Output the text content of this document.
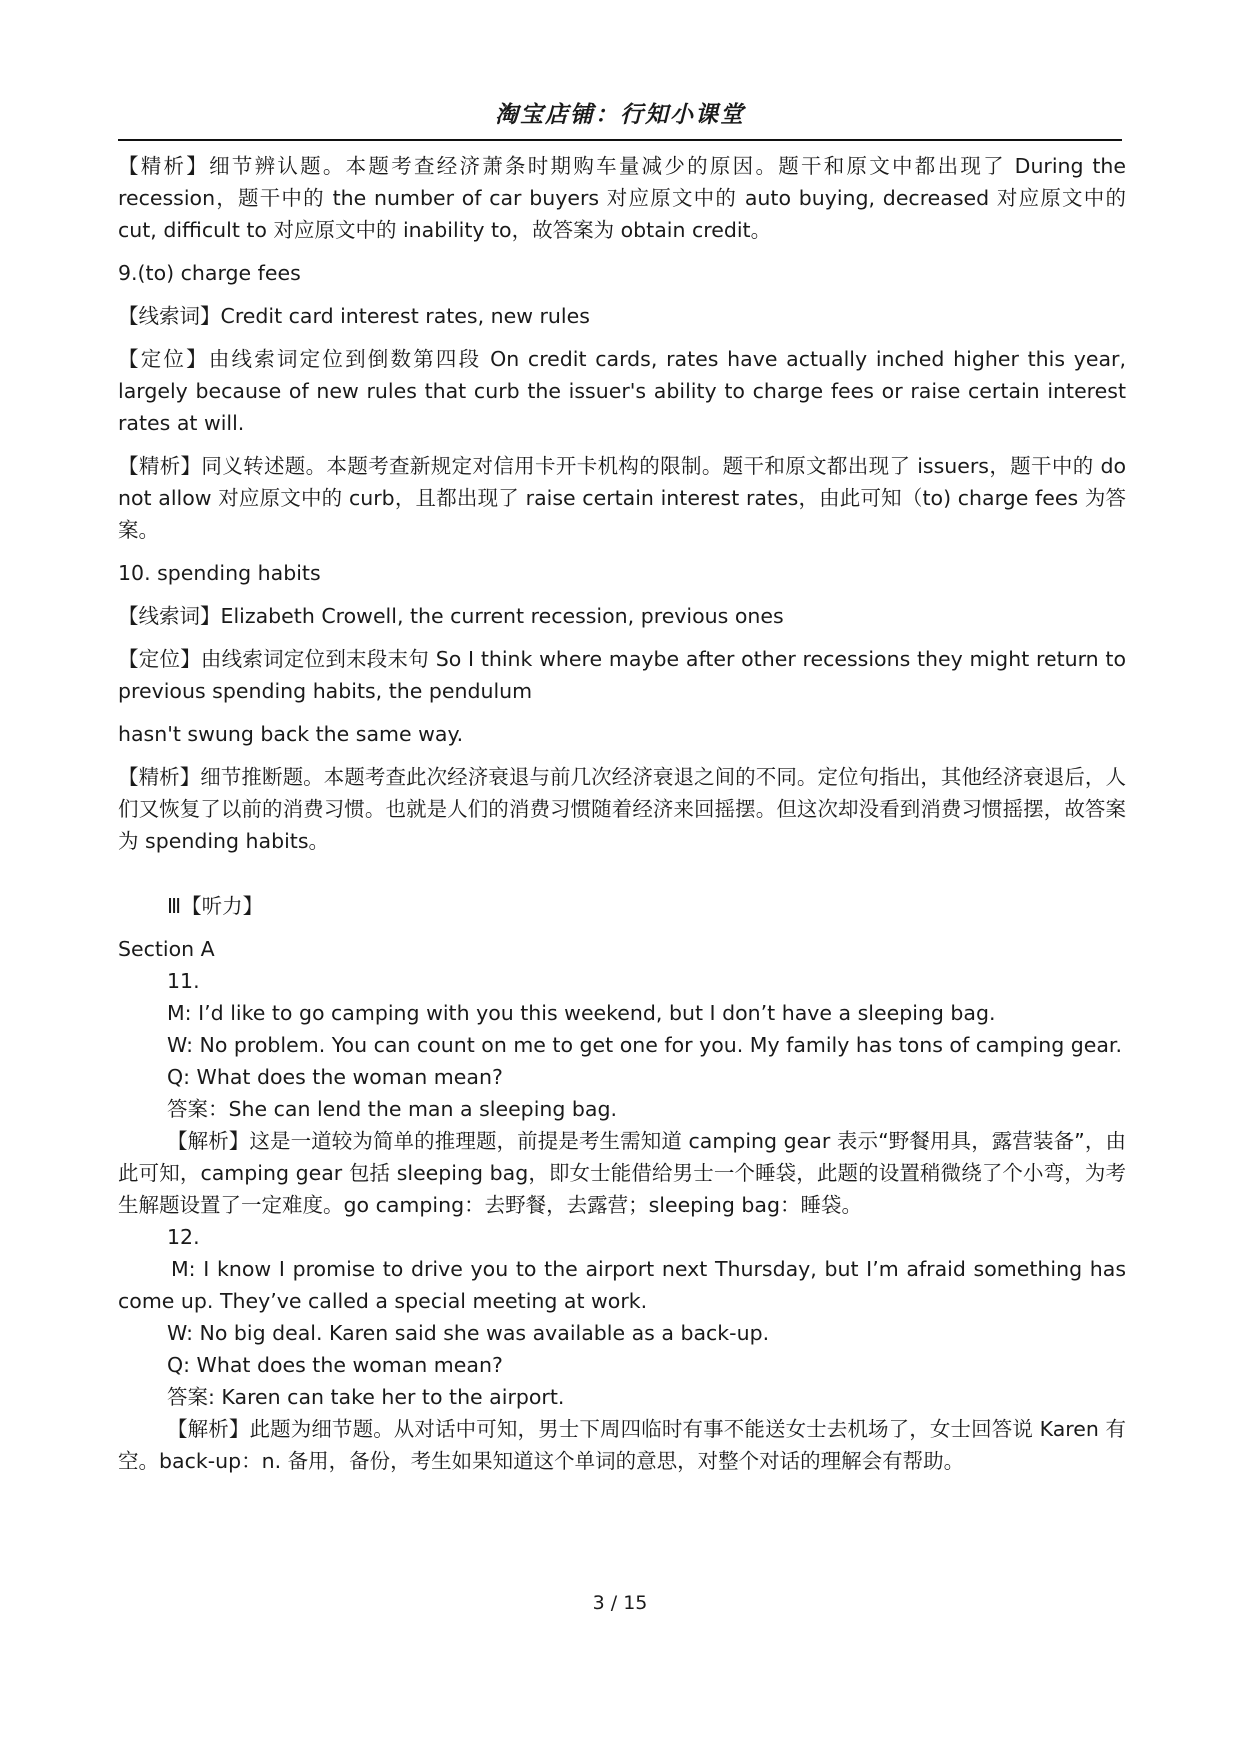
淘宝店铺：行知小课堂

【精析】细节辨认题。本题考查经济萧条时期购车量减少的原因。题干和原文中都出现了 During the recession，题干中的 the number of car buyers 对应原文中的 auto buying, decreased 对应原文中的 cut, difficult to 对应原文中的 inability to，故答案为 obtain credit。

9.(to) charge fees

【线索词】Credit card interest rates, new rules

【定位】由线索词定位到倒数第四段 On credit cards, rates have actually inched higher this year, largely because of new rules that curb the issuer's ability to charge fees or raise certain interest rates at will.

【精析】同义转述题。本题考查新规定对信用卡开卡机构的限制。题干和原文都出现了 issuers，题干中的 do not allow 对应原文中的 curb，且都出现了 raise certain interest rates，由此可知（to) charge fees 为答案。

10. spending habits

【线索词】Elizabeth Crowell, the current recession, previous ones

【定位】由线索词定位到末段末句 So I think where maybe after other recessions they might return to previous spending habits, the pendulum

hasn't swung back the same way.

【精析】细节推断题。本题考查此次经济衰退与前几次经济衰退之间的不同。定位句指出，其他经济衰退后，人们又恢复了以前的消费习惯。也就是人们的消费习惯随着经济来回摇摆。但这次却没看到消费习惯摇摆，故答案为 spending habits。

Ⅲ【听力】

Section A

11.

M: I’d like to go camping with you this weekend, but I don’t have a sleeping bag.

W: No problem. You can count on me to get one for you. My family has tons of camping gear.

Q: What does the woman mean?

答案：She can lend the man a sleeping bag.

【解析】这是一道较为简单的推理题，前提是考生需知道 camping gear 表示“野餐用具，露营装备”，由此可知，camping gear 包括 sleeping bag，即女士能借给男士一个睡袋，此题的设置稍微绕了个小弯，为考生解题设置了一定难度。go camping：去野餐，去露营；sleeping bag：睡袋。

12.

M: I know I promise to drive you to the airport next Thursday, but I’m afraid something has come up. They’ve called a special meeting at work.

W: No big deal. Karen said she was available as a back-up.

Q: What does the woman mean?

答案: Karen can take her to the airport.

【解析】此题为细节题。从对话中可知，男士下周四临时有事不能送女士去机场了，女士回答说 Karen 有空。back-up：n. 备用，备份，考生如果知道这个单词的意思，对整个对话的理解会有帮助。

3 / 15
